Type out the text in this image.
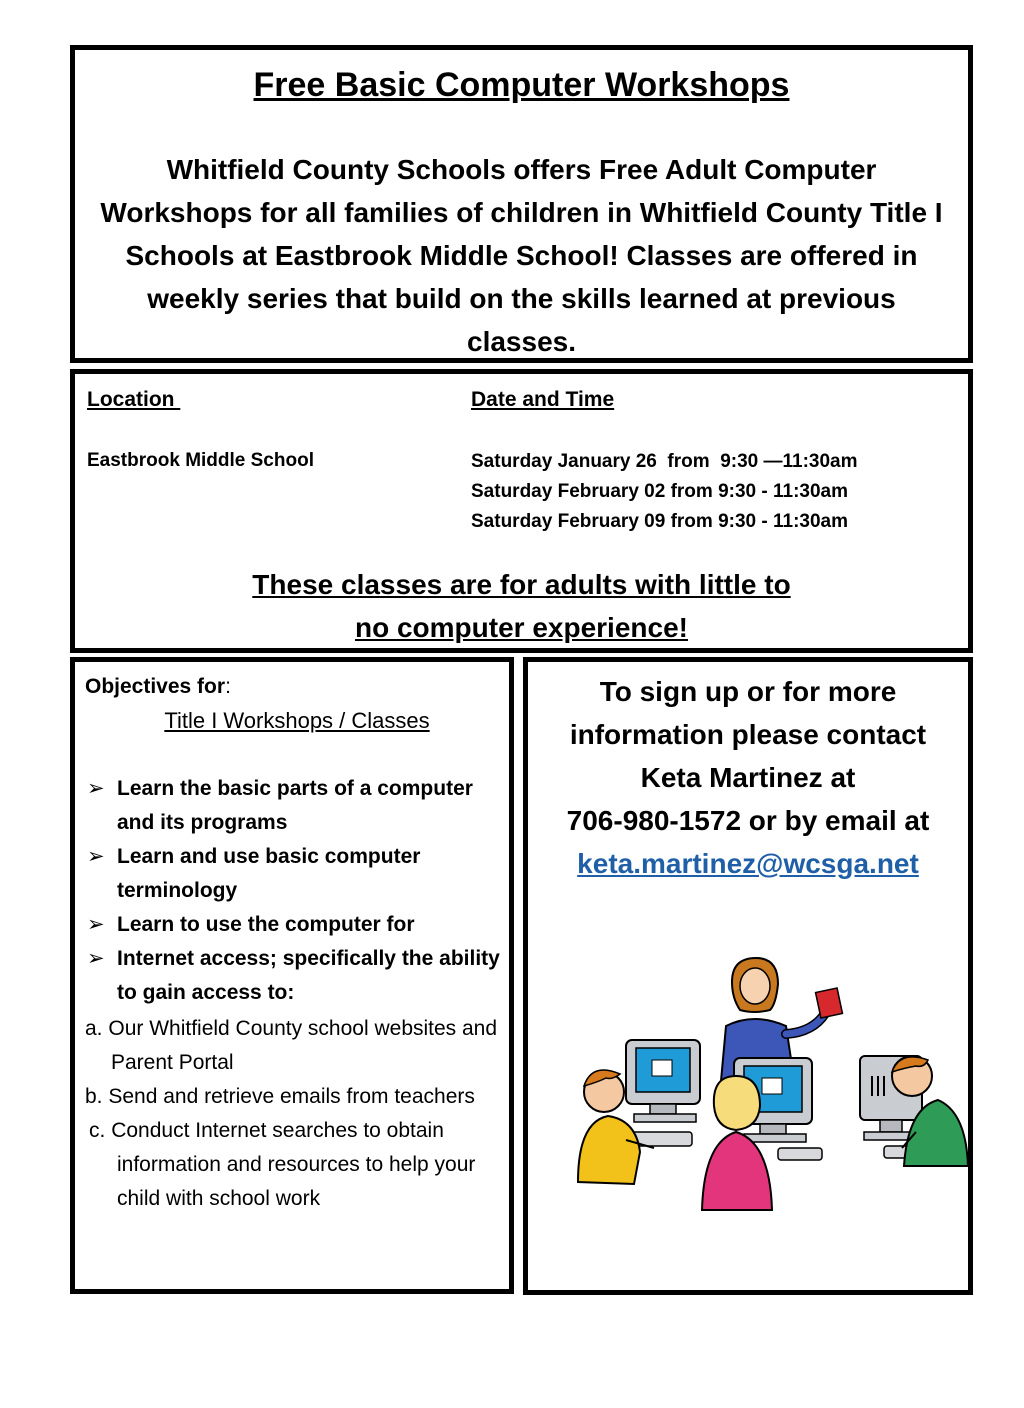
Free Basic Computer Workshops
Whitfield County Schools offers Free Adult Computer Workshops for all families of children in Whitfield County Title I Schools at Eastbrook Middle School! Classes are offered in weekly series that build on the skills learned at previous classes.
Location	Date and Time
Eastbrook Middle School	Saturday January 26  from  9:30 —11:30am
Saturday February 02 from 9:30 - 11:30am
Saturday February 09 from 9:30 - 11:30am
These classes are for adults with little to
no computer experience!
Objectives for:
Title I Workshops / Classes
➢ Learn the basic parts of a computer and its programs
➢ Learn and use basic computer terminology
➢ Learn to use the computer for
➢ Internet access; specifically the ability to gain access to:
a. Our Whitfield County school websites and Parent Portal
b. Send and retrieve emails from teachers
c. Conduct Internet searches to obtain information and resources to help your child with school work
To sign up or for more
information please contact
Keta Martinez at
706-980-1572 or by email at
keta.martinez@wcsga.net
